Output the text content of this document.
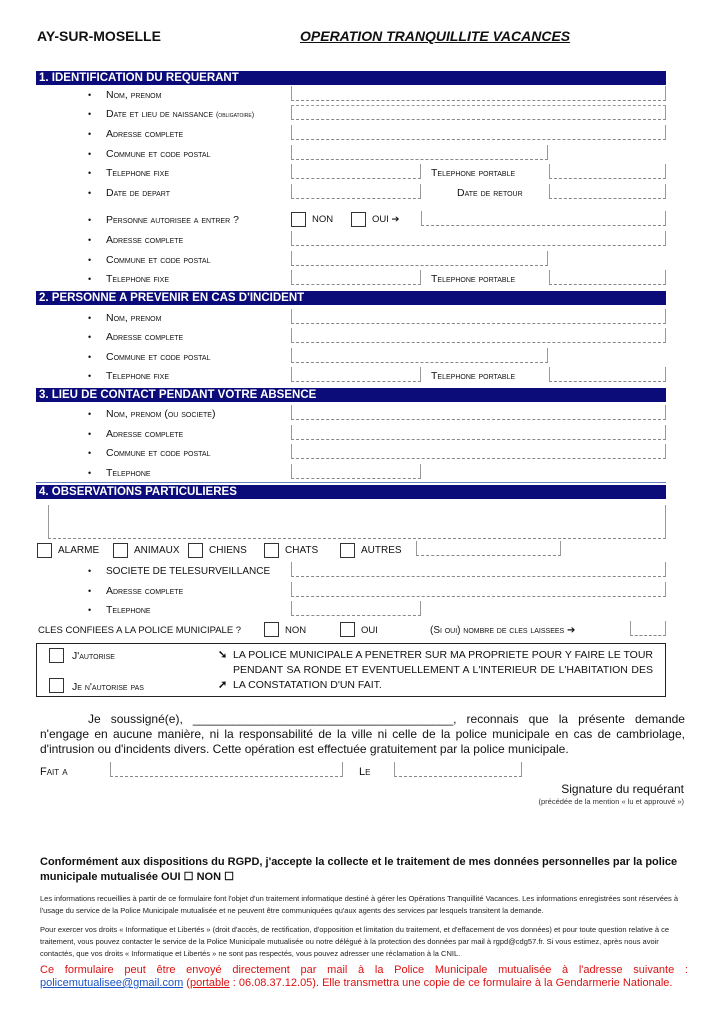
AY-SUR-MOSELLE	OPERATION TRANQUILLITE VACANCES
1. IDENTIFICATION DU REQUERANT
• Nom, prenom
• Date et lieu de naissance (obligatoire)
• Adresse complete
• Commune et code postal
• Telephone fixe	Telephone portable
• Date de depart	Date de retour
• Personne autorisee a entrer ?	NON	OUI ➔
• Adresse complete
• Commune et code postal
• Telephone fixe	Telephone portable
2. PERSONNE A PREVENIR EN CAS D'INCIDENT
• Nom, prenom
• Adresse complete
• Commune et code postal
• Telephone fixe	Telephone portable
3. LIEU DE CONTACT PENDANT VOTRE ABSENCE
• Nom, prenom (ou societe)
• Adresse complete
• Commune et code postal
• Telephone
4. OBSERVATIONS PARTICULIERES
ALARME	ANIMAUX	CHIENS	CHATS	AUTRES
• SOCIETE DE TELESURVEILLANCE
• Adresse complete
• Telephone
CLES CONFIEES A LA POLICE MUNICIPALE ?	NON	OUI	(Si oui) nombre de cles laissees ➔
J'autorise
Je n'autorise pas
➘
➚
LA POLICE MUNICIPALE A PENETRER SUR MA PROPRIETE POUR Y FAIRE LE TOUR PENDANT SA RONDE ET EVENTUELLEMENT A L'INTERIEUR DE L'HABITATION DES LA CONSTATATION D'UN FAIT.
Je soussigné(e), _______________________________________, reconnais que la présente demande n'engage en aucune manière, ni la responsabilité de la ville ni celle de la police municipale en cas de cambriolage, d'intrusion ou d'incidents divers. Cette opération est effectuée gratuitement par la police municipale.
Fait a	Le
Signature du requérant
(précédée de la mention « lu et approuvé »)
Conformément aux dispositions du RGPD, j'accepte la collecte et le traitement de mes données personnelles par la police municipale mutualisée OUI ☐ NON ☐
Les informations recueillies à partir de ce formulaire font l'objet d'un traitement informatique destiné à gérer les Opérations Tranquillité Vacances. Les informations enregistrées sont réservées à l'usage du service de la Police Municipale mutualisée et ne peuvent être communiquées qu'aux agents des services par lesquels transitent la demande.
Pour exercer vos droits « Informatique et Libertés » (droit d'accès, de rectification, d'opposition et limitation du traitement, et d'effacement de vos données) et pour toute question relative à ce traitement, vous pouvez contacter le service de la Police Municipale mutualisée ou notre délégué à la protection des données par mail à rgpd@cdg57.fr. Si vous estimez, après nous avoir contactés, que vos droits « Informatique et Libertés » ne sont pas respectés, vous pouvez adresser une réclamation à la CNIL.
Ce formulaire peut être envoyé directement par mail à la Police Municipale mutualisée à l'adresse suivante : policemutualisee@gmail.com (portable : 06.08.37.12.05). Elle transmettra une copie de ce formulaire à la Gendarmerie Nationale.
